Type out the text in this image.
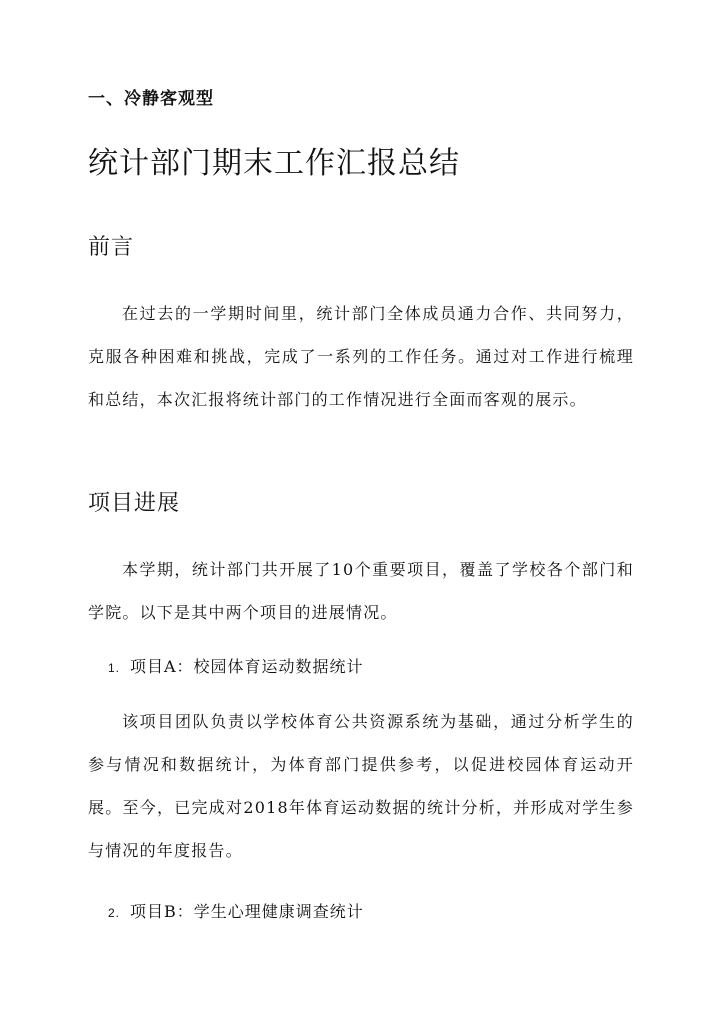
一、冷静客观型
统计部门期末工作汇报总结
前言

在过去的一学期时间里，统计部门全体成员通力合作、共同努力，克服各种困难和挑战，完成了一系列的工作任务。通过对工作进行梳理和总结，本次汇报将统计部门的工作情况进行全面而客观的展示。

项目进展

本学期，统计部门共开展了10个重要项目，覆盖了学校各个部门和学院。以下是其中两个项目的进展情况。

1. 项目A：校园体育运动数据统计

该项目团队负责以学校体育公共资源系统为基础，通过分析学生的参与情况和数据统计，为体育部门提供参考，以促进校园体育运动开展。至今，已完成对2018年体育运动数据的统计分析，并形成对学生参与情况的年度报告。

2. 项目B：学生心理健康调查统计
